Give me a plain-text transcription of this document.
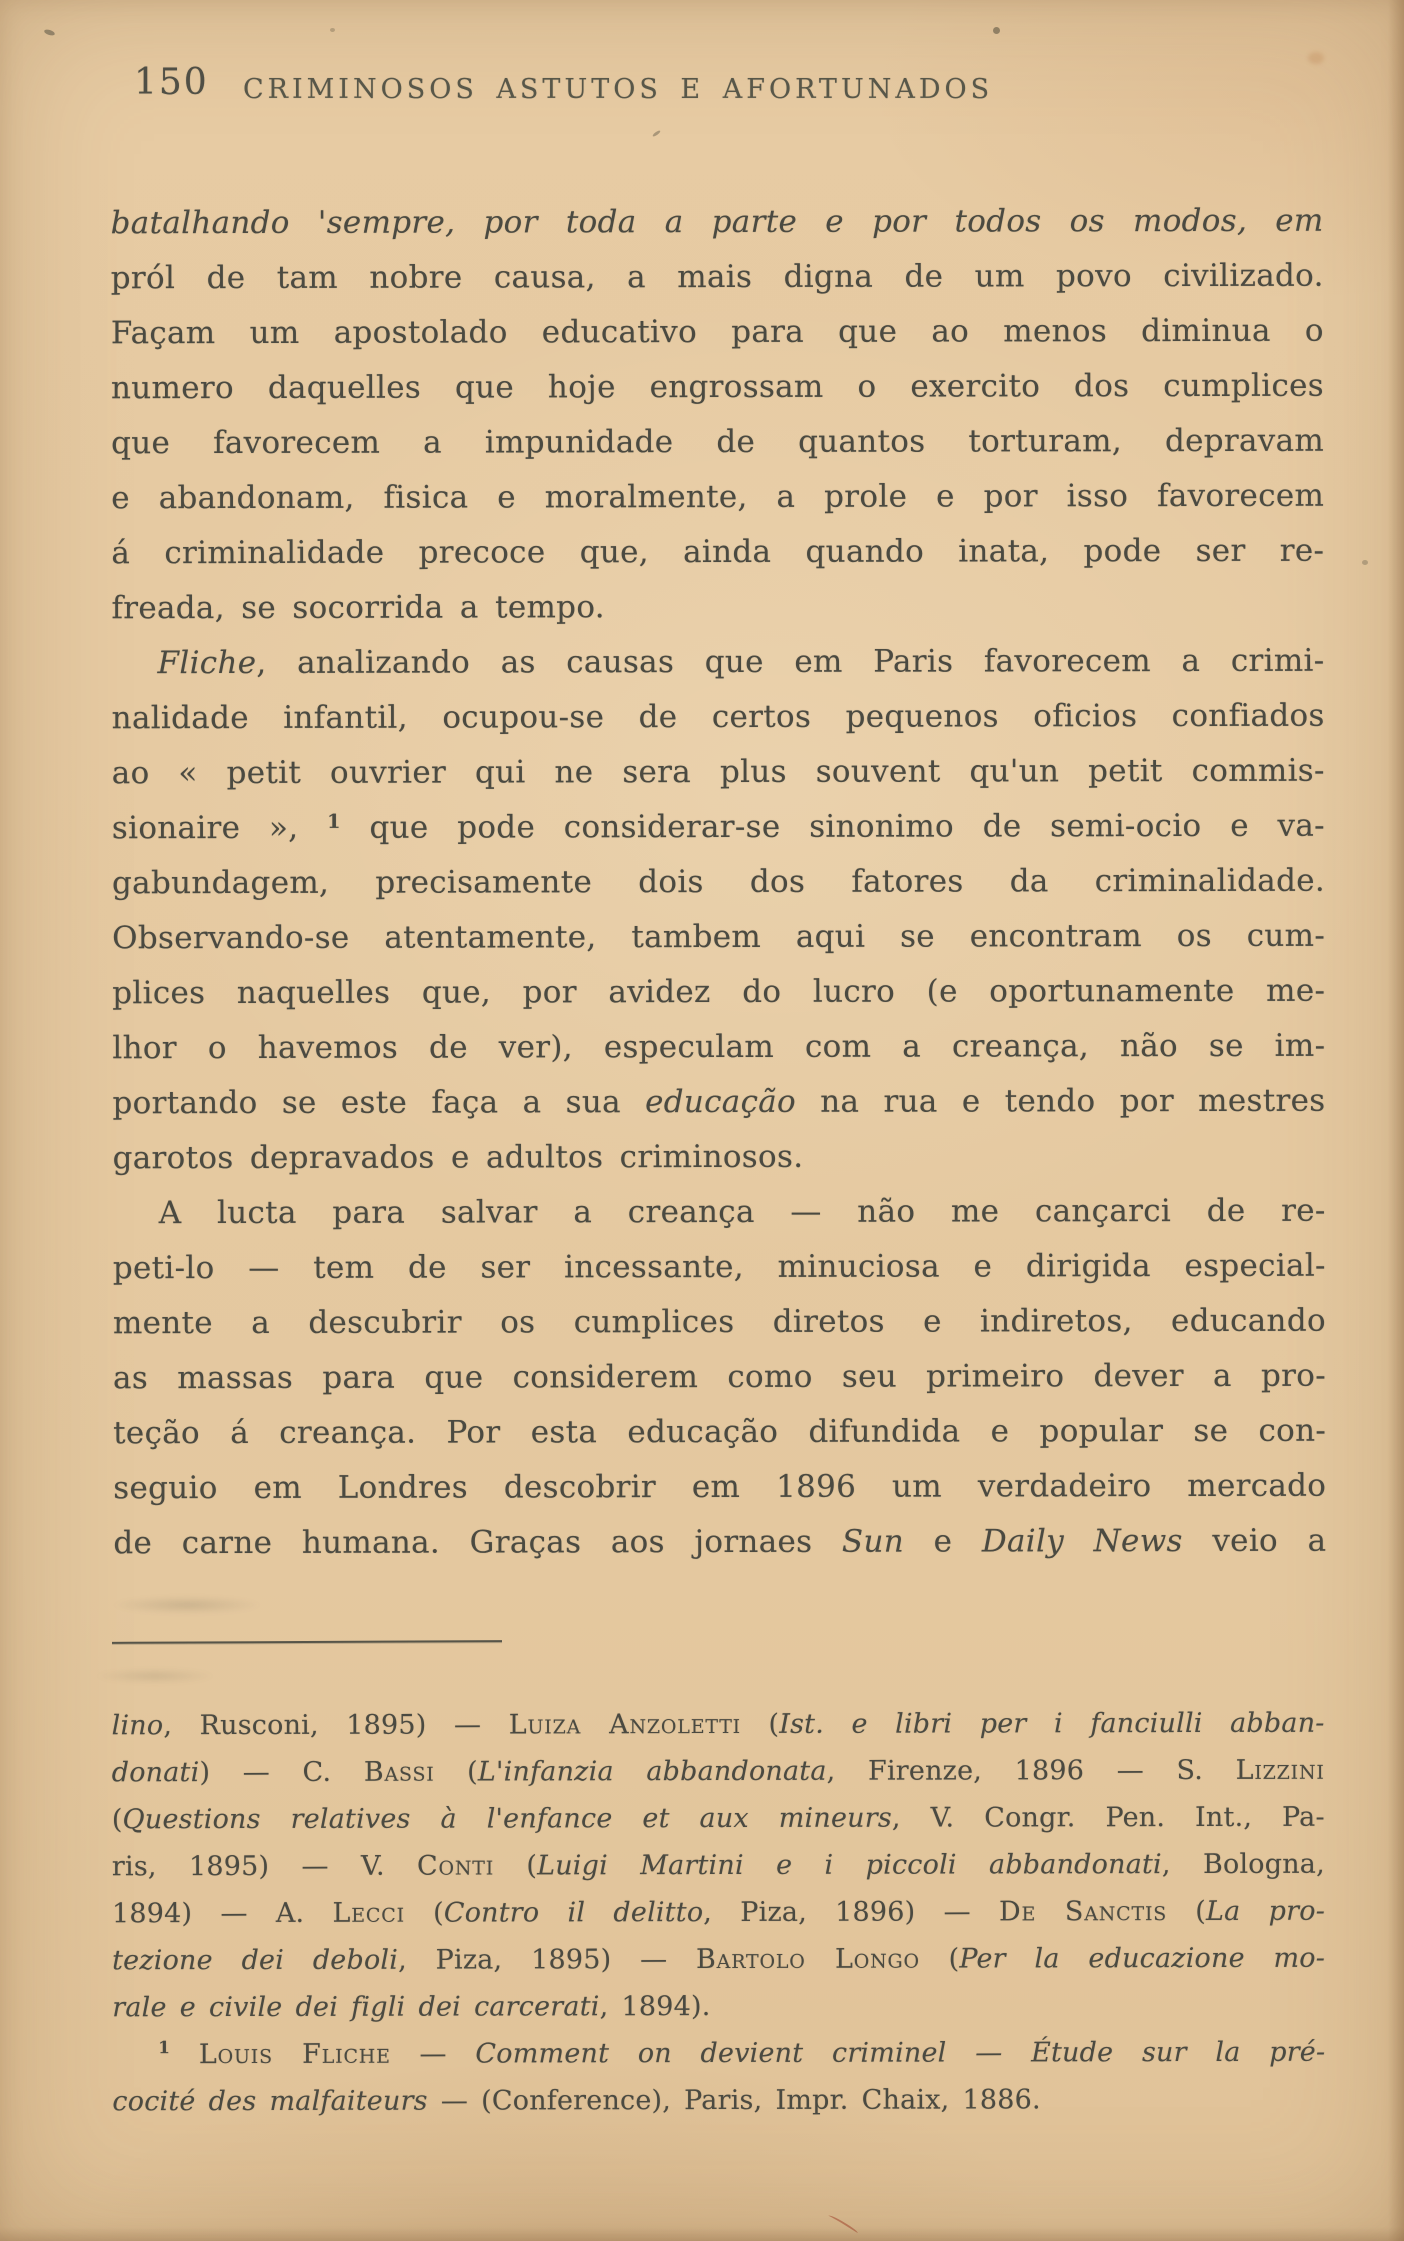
150 CRIMINOSOS ASTUTOS E AFORTUNADOS
batalhando 'sempre, por toda a parte e por todos os modos, em
pról de tam nobre causa, a mais digna de um povo civilizado.
Façam um apostolado educativo para que ao menos diminua o
numero daquelles que hoje engrossam o exercito dos cumplices
que favorecem a impunidade de quantos torturam, depravam
e abandonam, fisica e moralmente, a prole e por isso favorecem
á criminalidade precoce que, ainda quando inata, pode ser re-
freada, se socorrida a tempo.
Fliche, analizando as causas que em Paris favorecem a crimi-
nalidade infantil, ocupou-se de certos pequenos oficios confiados
ao « petit ouvrier qui ne sera plus souvent qu'un petit commis-
sionaire », $^1$ que pode considerar-se sinonimo de semi-ocio e va-
gabundagem, precisamente dois dos fatores da criminalidade.
Observando-se atentamente, tambem aqui se encontram os cum-
plices naquelles que, por avidez do lucro (e oportunamente me-
lhor o havemos de ver), especulam com a creança, não se im-
portando se este faça a sua educação na rua e tendo por mestres
garotos depravados e adultos criminosos.
A lucta para salvar a creança — não me cançarci de re-
peti-lo — tem de ser incessante, minuciosa e dirigida especial-
mente a descubrir os cumplices diretos e indiretos, educando
as massas para que considerem como seu primeiro dever a pro-
teção á creança. Por esta educação difundida e popular se con-
seguio em Londres descobrir em 1896 um verdadeiro mercado
de carne humana. Graças aos jornaes Sun e Daily News veio a
lino, Rusconi, 1895) — Luiza Anzoletti (Ist. e libri per i fanciulli abban-
donati) — C. Bassi (L'infanzia abbandonata, Firenze, 1896 — S. Lizzini
(Questions relatives à l'enfance et aux mineurs, V. Congr. Pen. Int., Pa-
ris, 1895) — V. Conti (Luigi Martini e i piccoli abbandonati, Bologna,
1894) — A. Lecci (Contro il delitto, Piza, 1896) — De Sanctis (La pro-
tezione dei deboli, Piza, 1895) — Bartolo Longo (Per la educazione mo-
rale e civile dei figli dei carcerati, 1894).
$^1$ Louis Fliche — Comment on devient criminel — Étude sur la pré-
cocité des malfaiteurs — (Conference), Paris, Impr. Chaix, 1886.
